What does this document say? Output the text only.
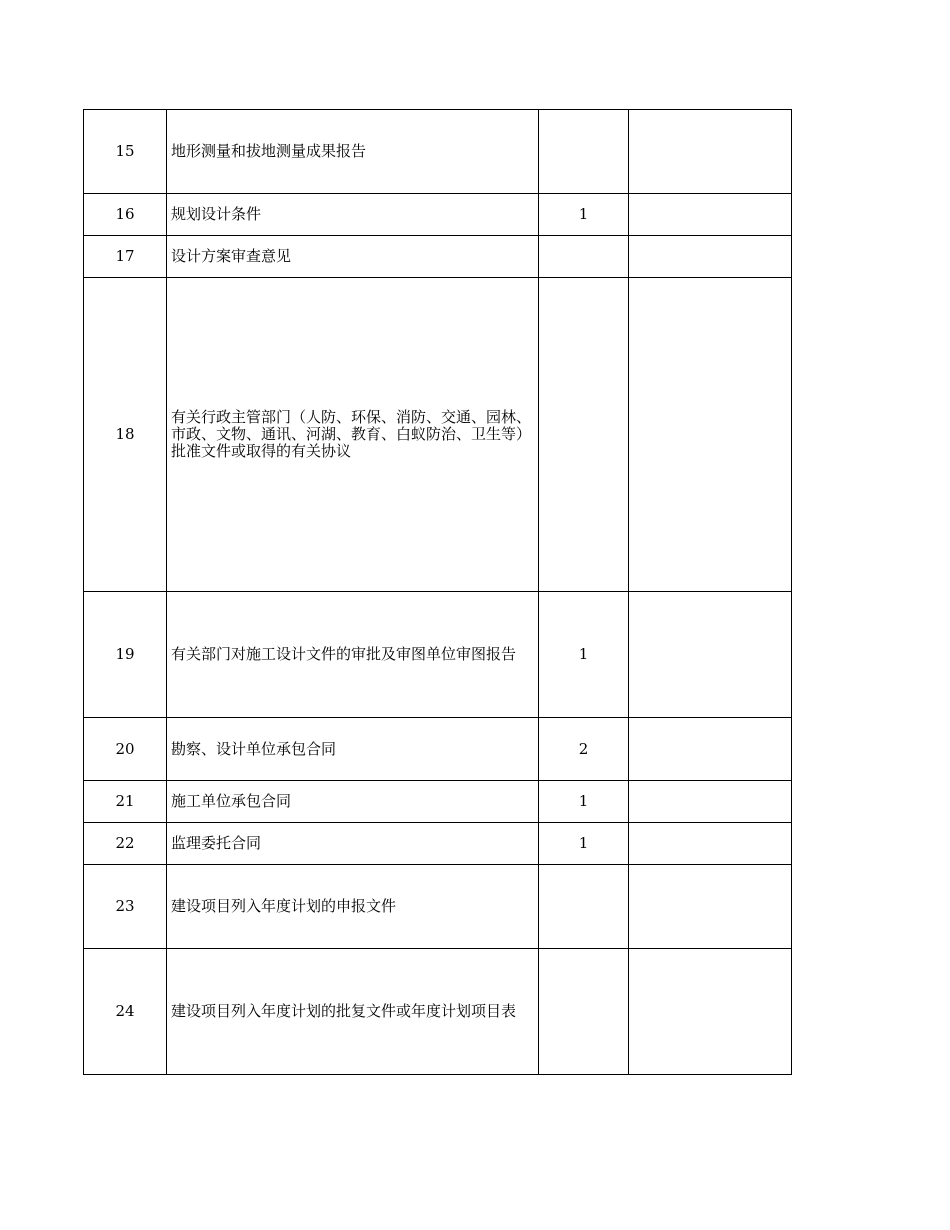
15	地形测量和拔地测量成果报告		
16	规划设计条件	1	
17	设计方案审查意见		
18	有关行政主管部门（人防、环保、消防、交通、园林、市政、文物、通讯、河湖、教育、白蚁防治、卫生等）批准文件或取得的有关协议		
19	有关部门对施工设计文件的审批及审图单位审图报告	1	
20	勘察、设计单位承包合同	2	
21	施工单位承包合同	1	
22	监理委托合同	1	
23	建设项目列入年度计划的申报文件		
24	建设项目列入年度计划的批复文件或年度计划项目表		
